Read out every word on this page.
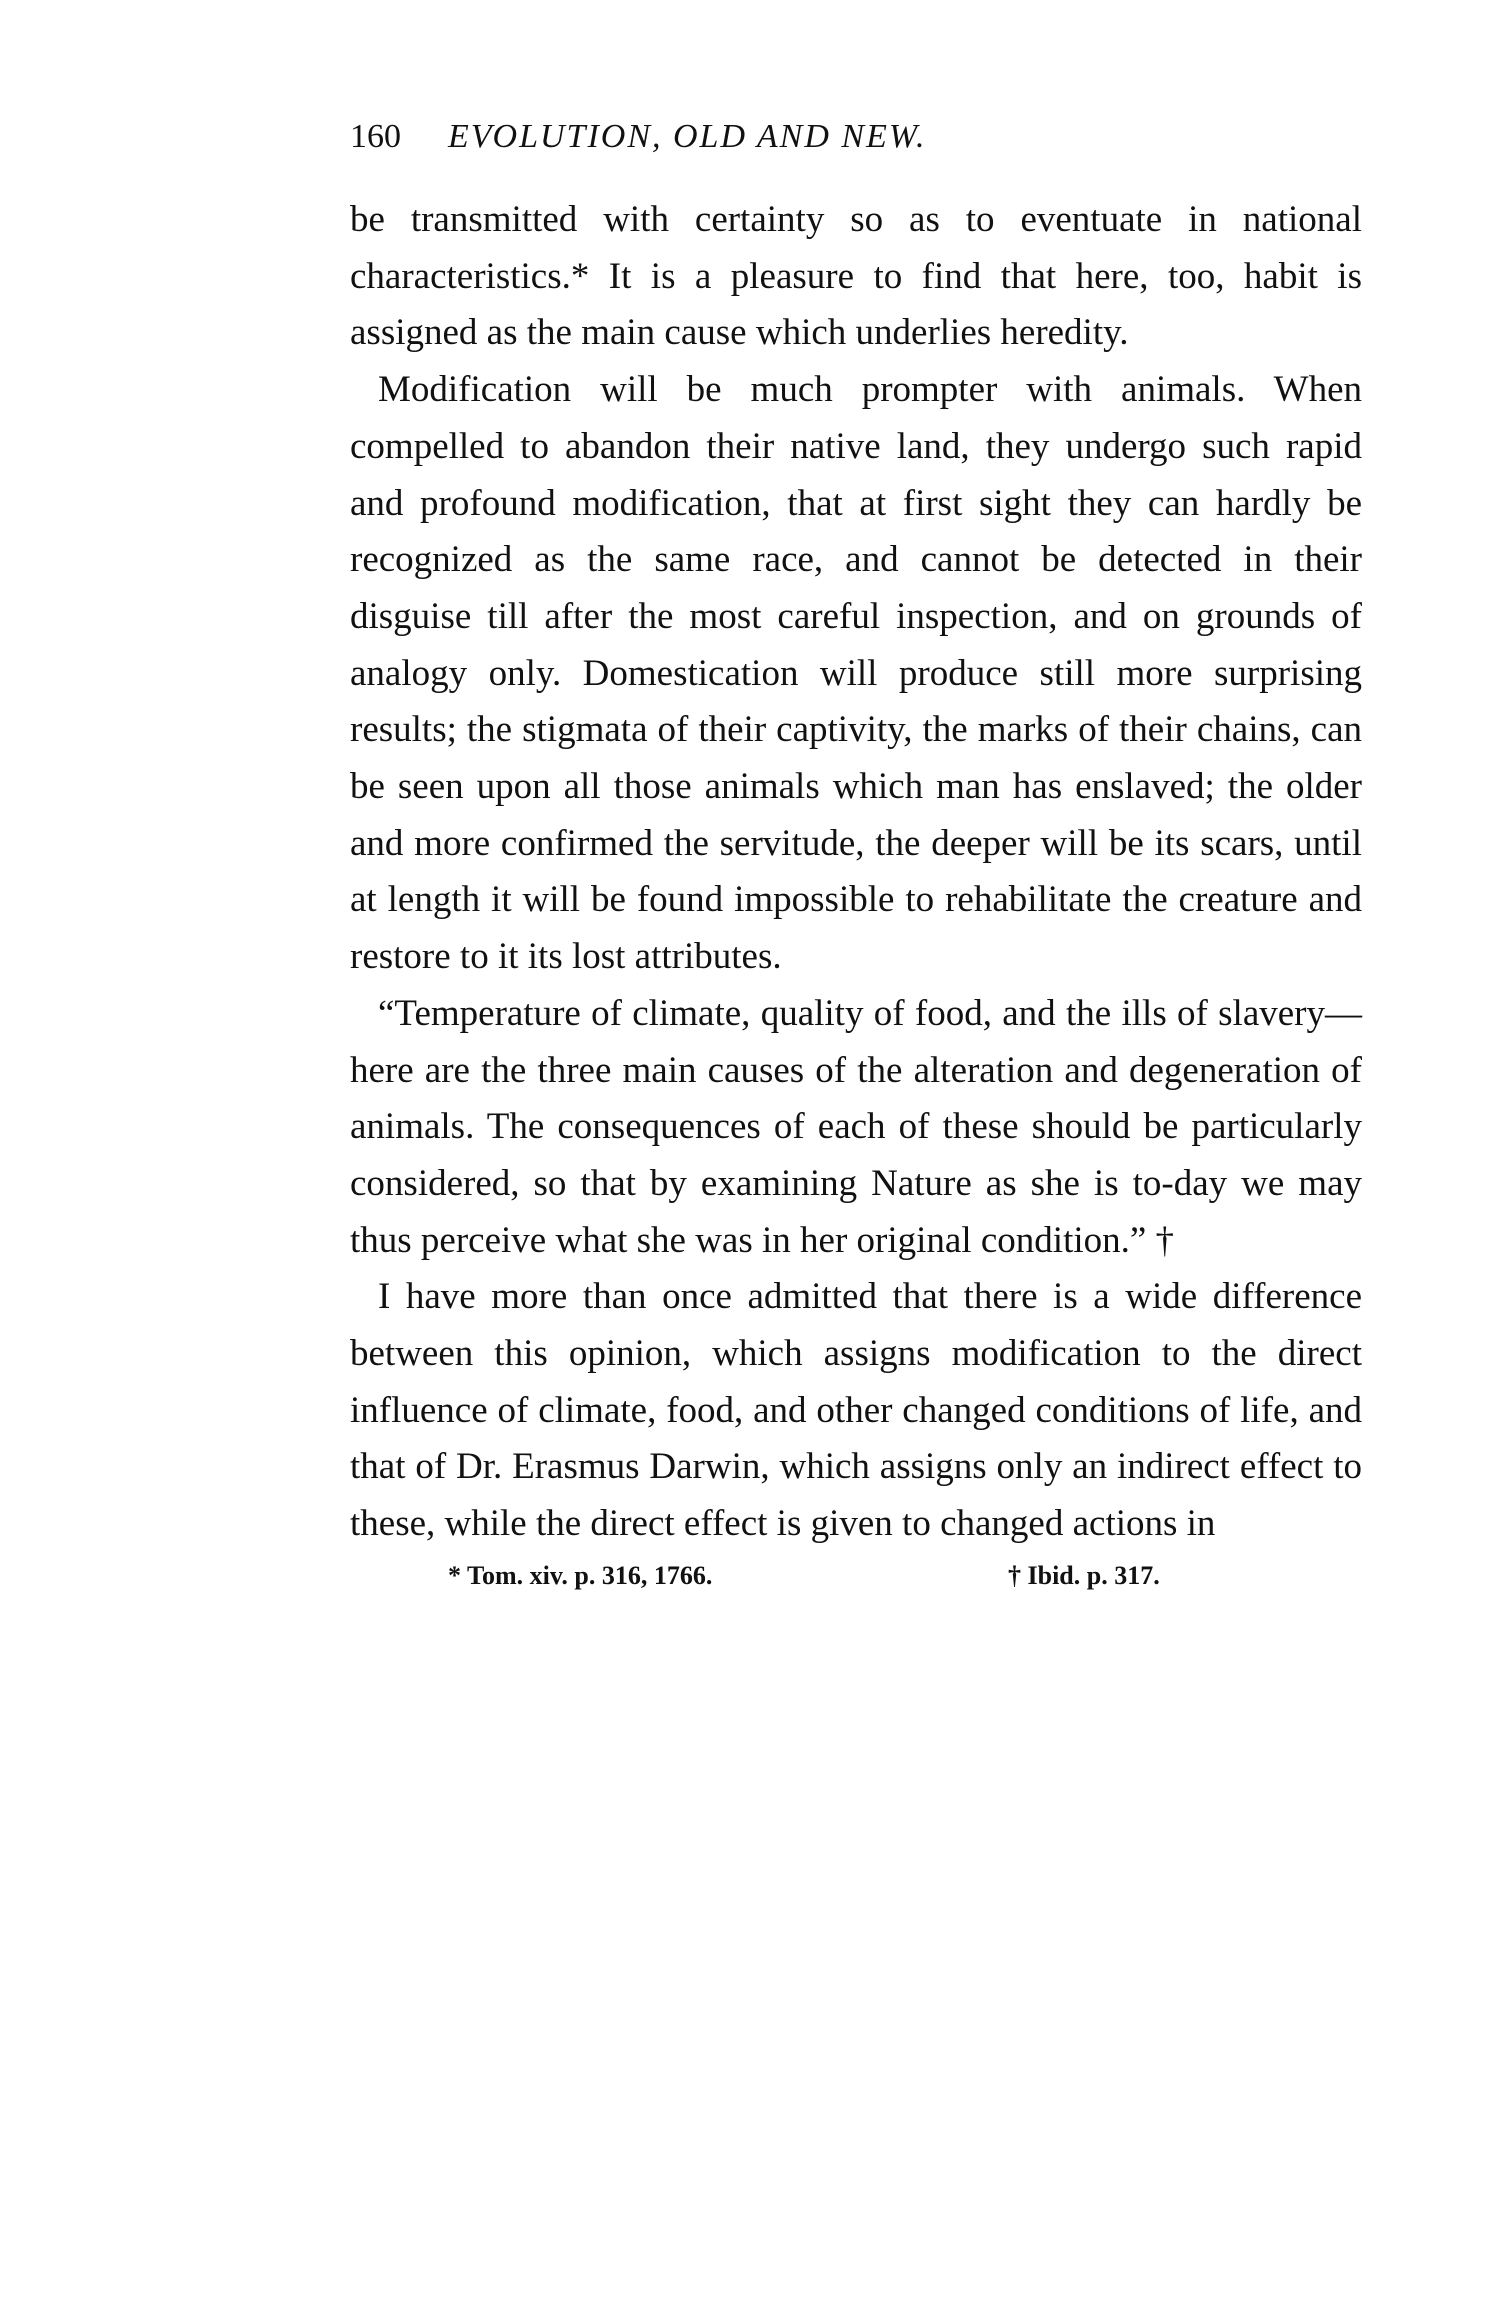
160	EVOLUTION, OLD AND NEW.

be transmitted with certainty so as to eventuate in national characteristics.* It is a pleasure to find that here, too, habit is assigned as the main cause which underlies heredity.

Modification will be much prompter with animals. When compelled to abandon their native land, they undergo such rapid and profound modification, that at first sight they can hardly be recognized as the same race, and cannot be detected in their disguise till after the most careful inspection, and on grounds of analogy only. Domestication will produce still more surprising results; the stigmata of their captivity, the marks of their chains, can be seen upon all those animals which man has enslaved; the older and more confirmed the servitude, the deeper will be its scars, until at length it will be found impossible to rehabilitate the creature and restore to it its lost attributes.

“Temperature of climate, quality of food, and the ills of slavery—here are the three main causes of the alteration and degeneration of animals. The consequences of each of these should be particularly considered, so that by examining Nature as she is to-day we may thus perceive what she was in her original condition.” †

I have more than once admitted that there is a wide difference between this opinion, which assigns modification to the direct influence of climate, food, and other changed conditions of life, and that of Dr. Erasmus Darwin, which assigns only an indirect effect to these, while the direct effect is given to changed actions in

* Tom. xiv. p. 316, 1766.	† Ibid. p. 317.
